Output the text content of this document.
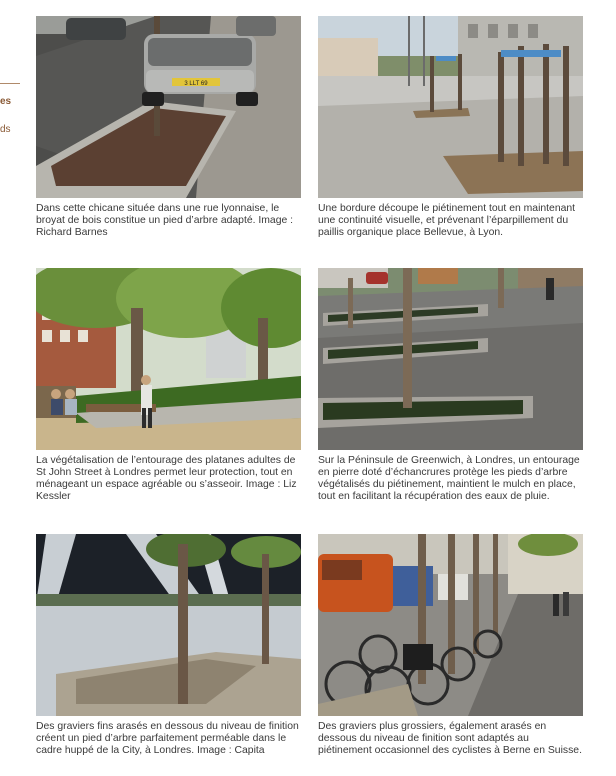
es
ds
3 LLT 69
Dans cette chicane située dans une rue lyonnaise, le broyat de bois constitue un pied d’arbre adapté. Image : Richard Barnes
Une bordure découpe le piétinement tout en maintenant une continuité visuelle, et prévenant l’éparpillement du paillis organique place Bellevue, à Lyon.
La végétalisation de l’entourage des platanes adultes de St John Street à Londres permet leur protection, tout en ménageant un espace agréable ou s’asseoir. Image : Liz Kessler
Sur la Péninsule de Greenwich, à Londres, un entourage en pierre doté d’échancrures protège les pieds d’arbre végétalisés du piétinement, maintient le mulch en place, tout en facilitant la récupération des eaux de pluie.
Des graviers fins arasés en dessous du niveau de finition créent un pied d’arbre parfaitement perméable dans le cadre huppé de la City, à Londres. Image : Capita
Des graviers plus grossiers, également arasés en dessous du niveau de finition sont adaptés au piétinement occasionnel des cyclistes à Berne en Suisse.
